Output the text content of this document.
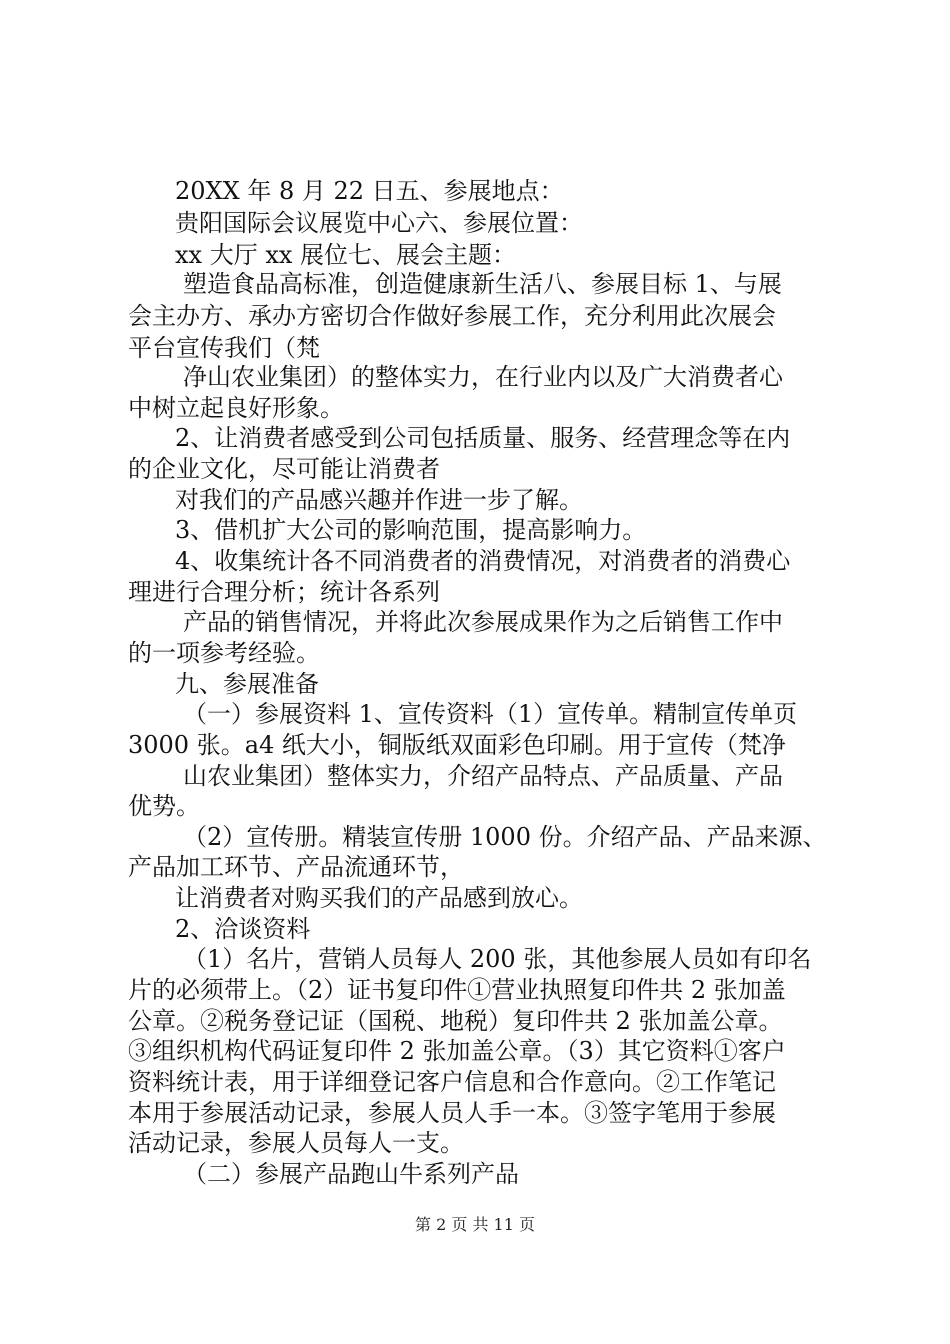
20XX 年 8 月 22 日五、参展地点：
贵阳国际会议展览中心六、参展位置：
xx 大厅 xx 展位七、展会主题：
塑造食品高标准，创造健康新生活八、参展目标 1、与展
会主办方、承办方密切合作做好参展工作，充分利用此次展会
平台宣传我们（梵
净山农业集团）的整体实力，在行业内以及广大消费者心
中树立起良好形象。
2、让消费者感受到公司包括质量、服务、经营理念等在内
的企业文化，尽可能让消费者
对我们的产品感兴趣并作进一步了解。
3、借机扩大公司的影响范围，提高影响力。
4、收集统计各不同消费者的消费情况，对消费者的消费心
理进行合理分析；统计各系列
产品的销售情况，并将此次参展成果作为之后销售工作中
的一项参考经验。
九、参展准备
（一）参展资料 1、宣传资料（1）宣传单。精制宣传单页
3000 张。a4 纸大小，铜版纸双面彩色印刷。用于宣传（梵净
山农业集团）整体实力，介绍产品特点、产品质量、产品
优势。
（2）宣传册。精装宣传册 1000 份。介绍产品、产品来源、
产品加工环节、产品流通环节，
让消费者对购买我们的产品感到放心。
2、洽谈资料
（1）名片，营销人员每人 200 张，其他参展人员如有印名
片的必须带上。（2）证书复印件①营业执照复印件共 2 张加盖
公章。②税务登记证（国税、地税）复印件共 2 张加盖公章。
③组织机构代码证复印件 2 张加盖公章。（3）其它资料①客户
资料统计表，用于详细登记客户信息和合作意向。②工作笔记
本用于参展活动记录，参展人员人手一本。③签字笔用于参展
活动记录，参展人员每人一支。
（二）参展产品跑山牛系列产品
第 2 页 共 11 页
